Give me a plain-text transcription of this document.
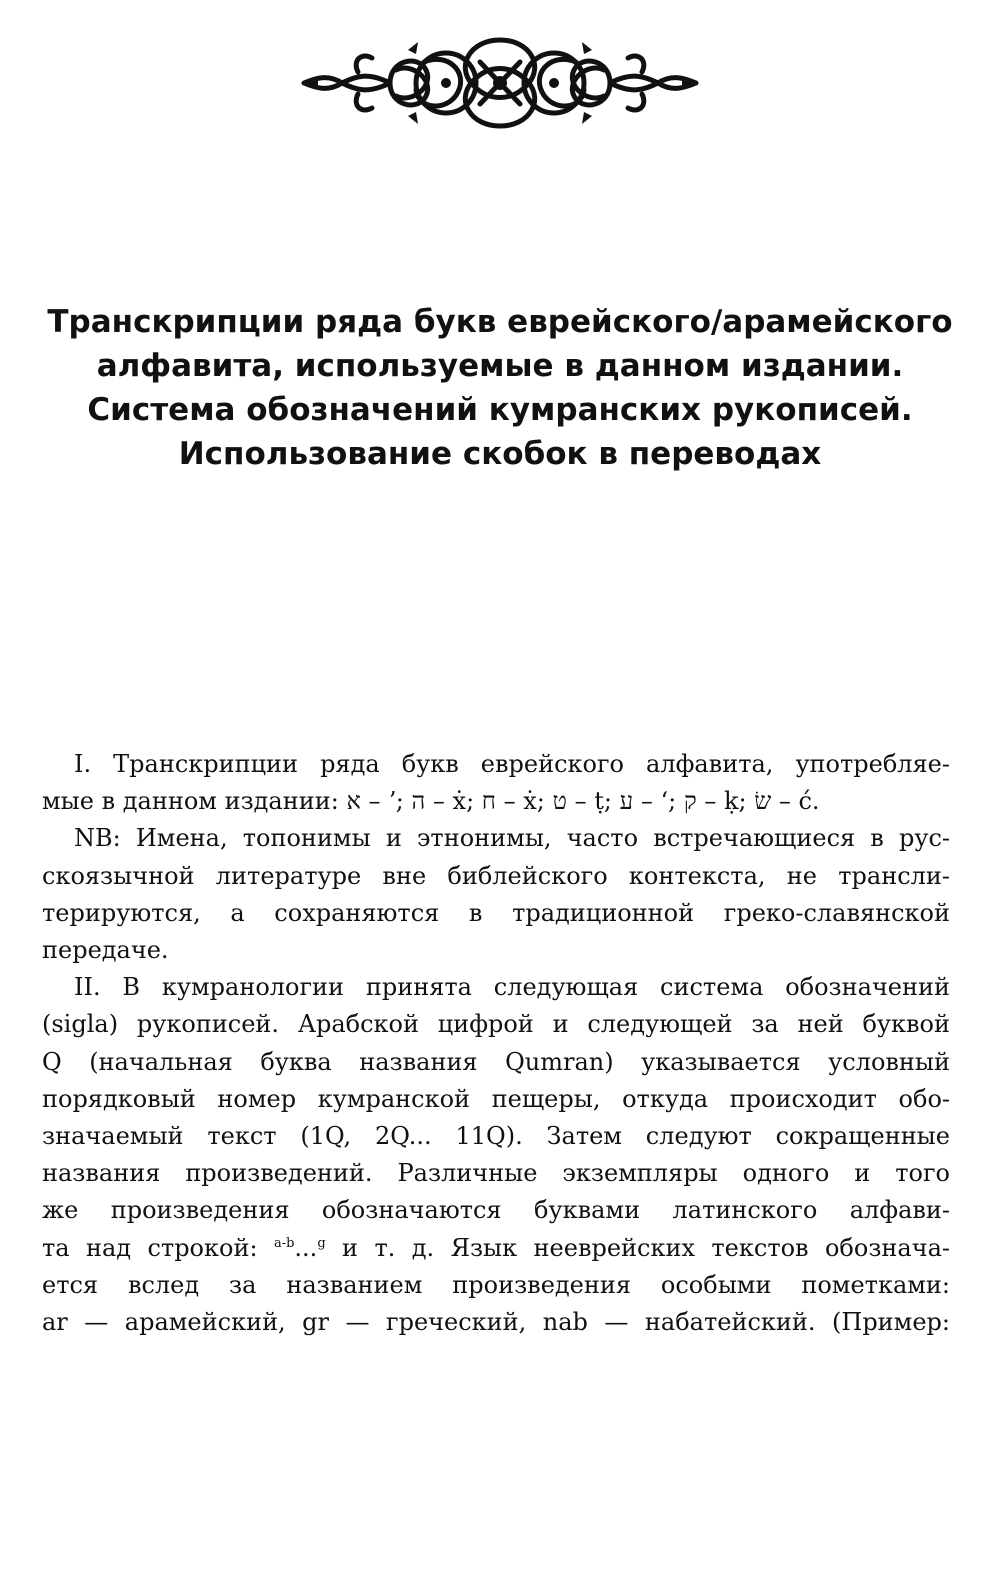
Транскрипции ряда букв еврейского/арамейского
алфавита, используемые в данном издании.
Система обозначений кумранских рукописей.
Использование скобок в переводах
I. Транскрипции ряда букв еврейского алфавита, употребляе-
мые в данном издании: א – ʼ; ה – ẋ; ח – ẋ; ט – ṭ; ע – ʻ; ק – ḳ; שׂ – ć.
NB: Имена, топонимы и этнонимы, часто встречающиеся в рус-
скоязычной литературе вне библейского контекста, не трансли-
терируются, а сохраняются в традиционной греко-славянской
передаче.
II. В кумранологии принята следующая система обозначений
(sigla) рукописей. Арабской цифрой и следующей за ней буквой
Q (начальная буква названия Qumran) указывается условный
порядковый номер кумранской пещеры, откуда происходит обо-
значаемый текст (1Q, 2Q... 11Q). Затем следуют сокращенные
названия произведений. Различные экземпляры одного и того
же произведения обозначаются буквами латинского алфави-
та над строкой: $^{a-b}$...$^g$ и т. д. Язык нееврейских текстов обознача-
ется вслед за названием произведения особыми пометками:
ar — арамейский, gr — греческий, nab — набатейский. (Пример:
